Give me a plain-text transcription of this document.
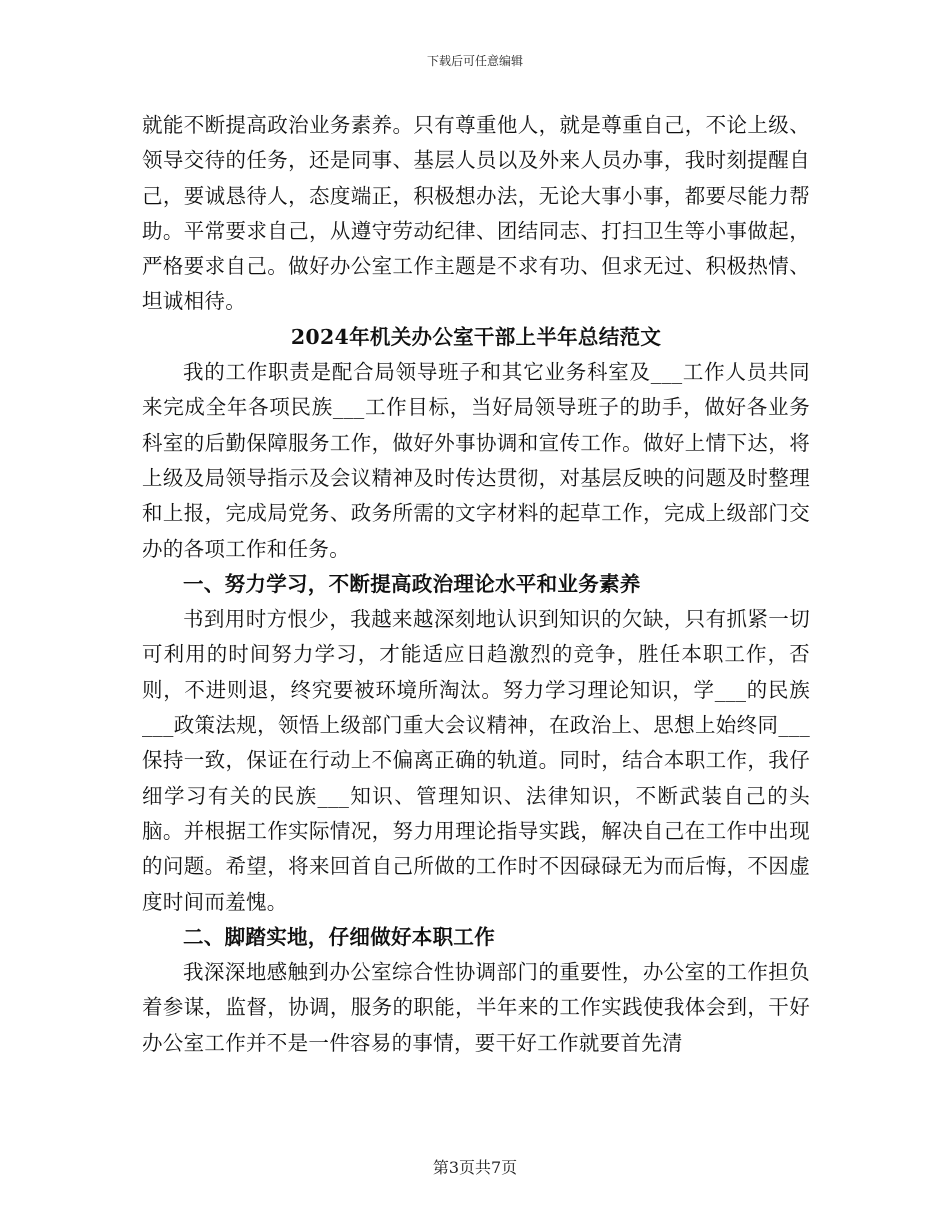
下载后可任意编辑

就能不断提高政治业务素养。只有尊重他人，就是尊重自己，不论上级、领导交待的任务，还是同事、基层人员以及外来人员办事，我时刻提醒自己，要诚恳待人，态度端正，积极想办法，无论大事小事，都要尽能力帮助。平常要求自己，从遵守劳动纪律、团结同志、打扫卫生等小事做起，严格要求自己。做好办公室工作主题是不求有功、但求无过、积极热情、坦诚相待。

2024年机关办公室干部上半年总结范文

我的工作职责是配合局领导班子和其它业务科室及___工作人员共同来完成全年各项民族___工作目标，当好局领导班子的助手，做好各业务科室的后勤保障服务工作，做好外事协调和宣传工作。做好上情下达，将上级及局领导指示及会议精神及时传达贯彻，对基层反映的问题及时整理和上报，完成局党务、政务所需的文字材料的起草工作，完成上级部门交办的各项工作和任务。

一、努力学习，不断提高政治理论水平和业务素养

书到用时方恨少，我越来越深刻地认识到知识的欠缺，只有抓紧一切可利用的时间努力学习，才能适应日趋激烈的竞争，胜任本职工作，否则，不进则退，终究要被环境所淘汰。努力学习理论知识，学___的民族___政策法规，领悟上级部门重大会议精神，在政治上、思想上始终同___保持一致，保证在行动上不偏离正确的轨道。同时，结合本职工作，我仔细学习有关的民族___知识、管理知识、法律知识，不断武装自己的头脑。并根据工作实际情况，努力用理论指导实践，解决自己在工作中出现的问题。希望，将来回首自己所做的工作时不因碌碌无为而后悔，不因虚度时间而羞愧。

二、脚踏实地，仔细做好本职工作

我深深地感触到办公室综合性协调部门的重要性，办公室的工作担负着参谋，监督，协调，服务的职能，半年来的工作实践使我体会到，干好办公室工作并不是一件容易的事情，要干好工作就要首先清

第3页共7页
